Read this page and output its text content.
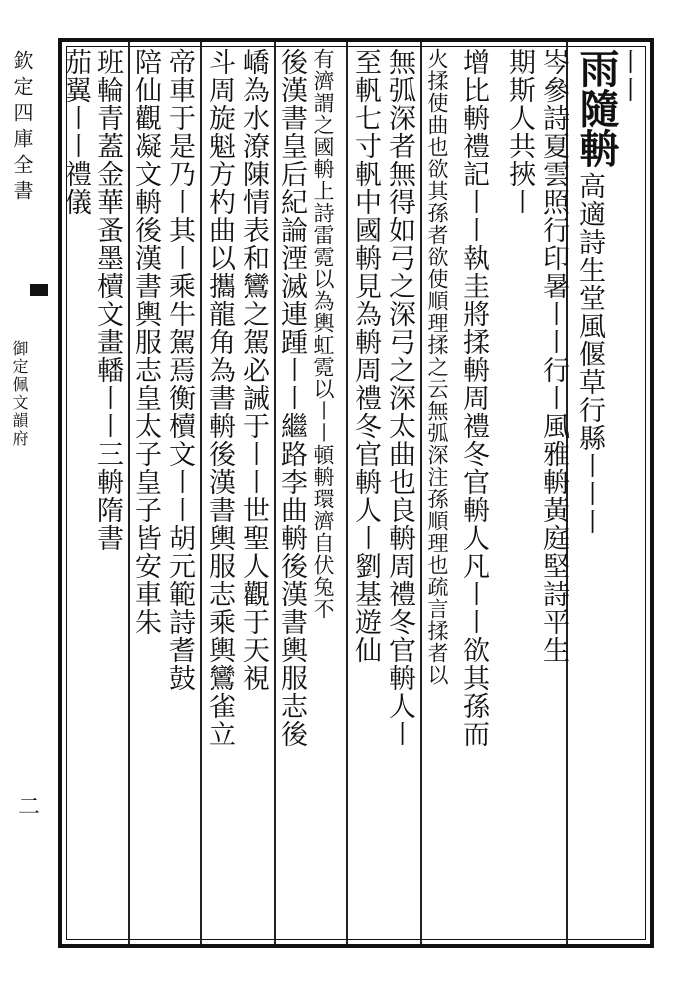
欽定四庫全書
御定佩文韻府
二
〡〡
雨隨輈 高適詩生堂風偃草行縣〡〡〡
岑參詩夏雲照行印暑〡〡行〡風雅輈黃庭堅詩平生
期斯人共挾〡
增比輈禮記〡〡執圭將揉輈周禮冬官輈人凡〡〡欲其孫而
火揉使曲也欲其孫者欲使順理揉之云無弧深注孫順理也疏言揉者以
無弧深者無得如弓之深弓之深太曲也良輈周禮冬官輈人〡
至軓七寸軓中國輈見為輈周禮冬官輈人〡劉基遊仙
有濟謂之國輈上詩雷霓以為輿虹霓以〡〡頓輈環濟自伏兔不
後漢書皇后紀論湮滅連踵〡〡繼路李曲輈後漢書輿服志後
嶠為水潦陳情表和鸞之駕必誡于〡〡世聖人觀于天視
斗周旋魁方杓曲以攜龍角為書輈後漢書輿服志乘輿鸞雀立
帝車于是乃〡其〡乘牛駕焉衡櫝文〡〡胡元範詩耆鼓
陪仙觀凝文輈後漢書輿服志皇太子皇子皆安車朱
班輪青蓋金華蚤墨櫝文畫轓〡〡三輈隋書
茄翼〡〡禮儀
